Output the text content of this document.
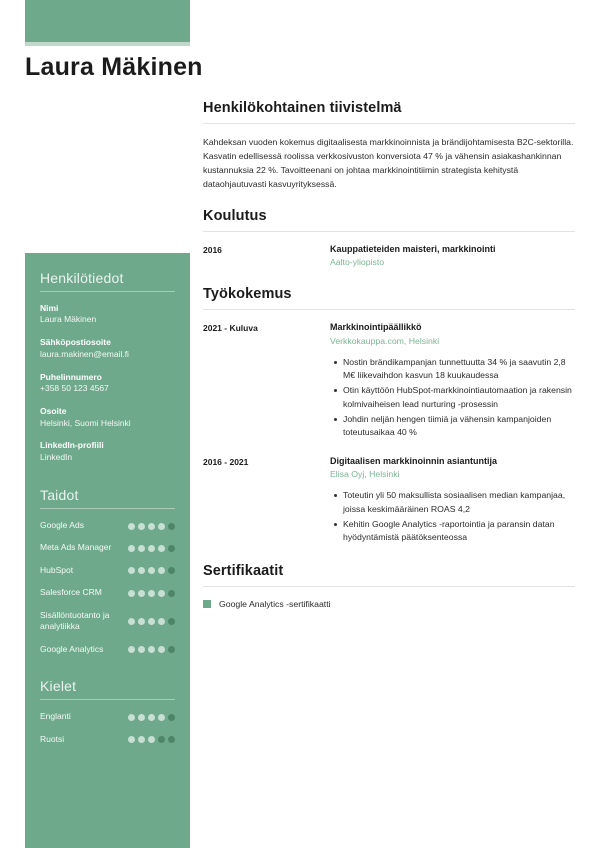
Laura Mäkinen
Henkilötiedot
Nimi
Laura Mäkinen
Sähköpostiosoite
laura.makinen@email.fi
Puhelinnumero
+358 50 123 4567
Osoite
Helsinki, Suomi Helsinki
LinkedIn-profiili
LinkedIn
Taidot
Google Ads
Meta Ads Manager
HubSpot
Salesforce CRM
Sisällöntuotanto ja analytiikka
Google Analytics
Kielet
Englanti
Ruotsi
Henkilökohtainen tiivistelmä

Kahdeksan vuoden kokemus digitaalisesta markkinoinnista ja brändijohtamisesta B2C-sektorilla. Kasvatin edellisessä roolissa verkkosivuston konversiota 47 % ja vähensin asiakashankinnan kustannuksia 22 %. Tavoitteenani on johtaa markkinointitiimin strategista kehitystä dataohjautuvasti kasvuyrityksessä.

Koulutus
2016	Kauppatieteiden maisteri, markkinointi
Aalto-yliopisto
Työkokemus
2021 - Kuluva	Markkinointipäällikkö
Verkkokauppa.com, Helsinki
Nostin brändikampanjan tunnettuutta 34 % ja saavutin 2,8 M€ liikevaihdon kasvun 18 kuukaudessa
Otin käyttöön HubSpot-markkinointiautomaation ja rakensin kolmivaiheisen lead nurturing -prosessin
Johdin neljän hengen tiimiä ja vähensin kampanjoiden toteutusaikaa 40 %
2016 - 2021	Digitaalisen markkinoinnin asiantuntija
Elisa Oyj, Helsinki
Toteutin yli 50 maksullista sosiaalisen median kampanjaa, joissa keskimääräinen ROAS 4,2
Kehitin Google Analytics -raportointia ja paransin datan hyödyntämistä päätöksenteossa
Sertifikaatit
Google Analytics -sertifikaatti
